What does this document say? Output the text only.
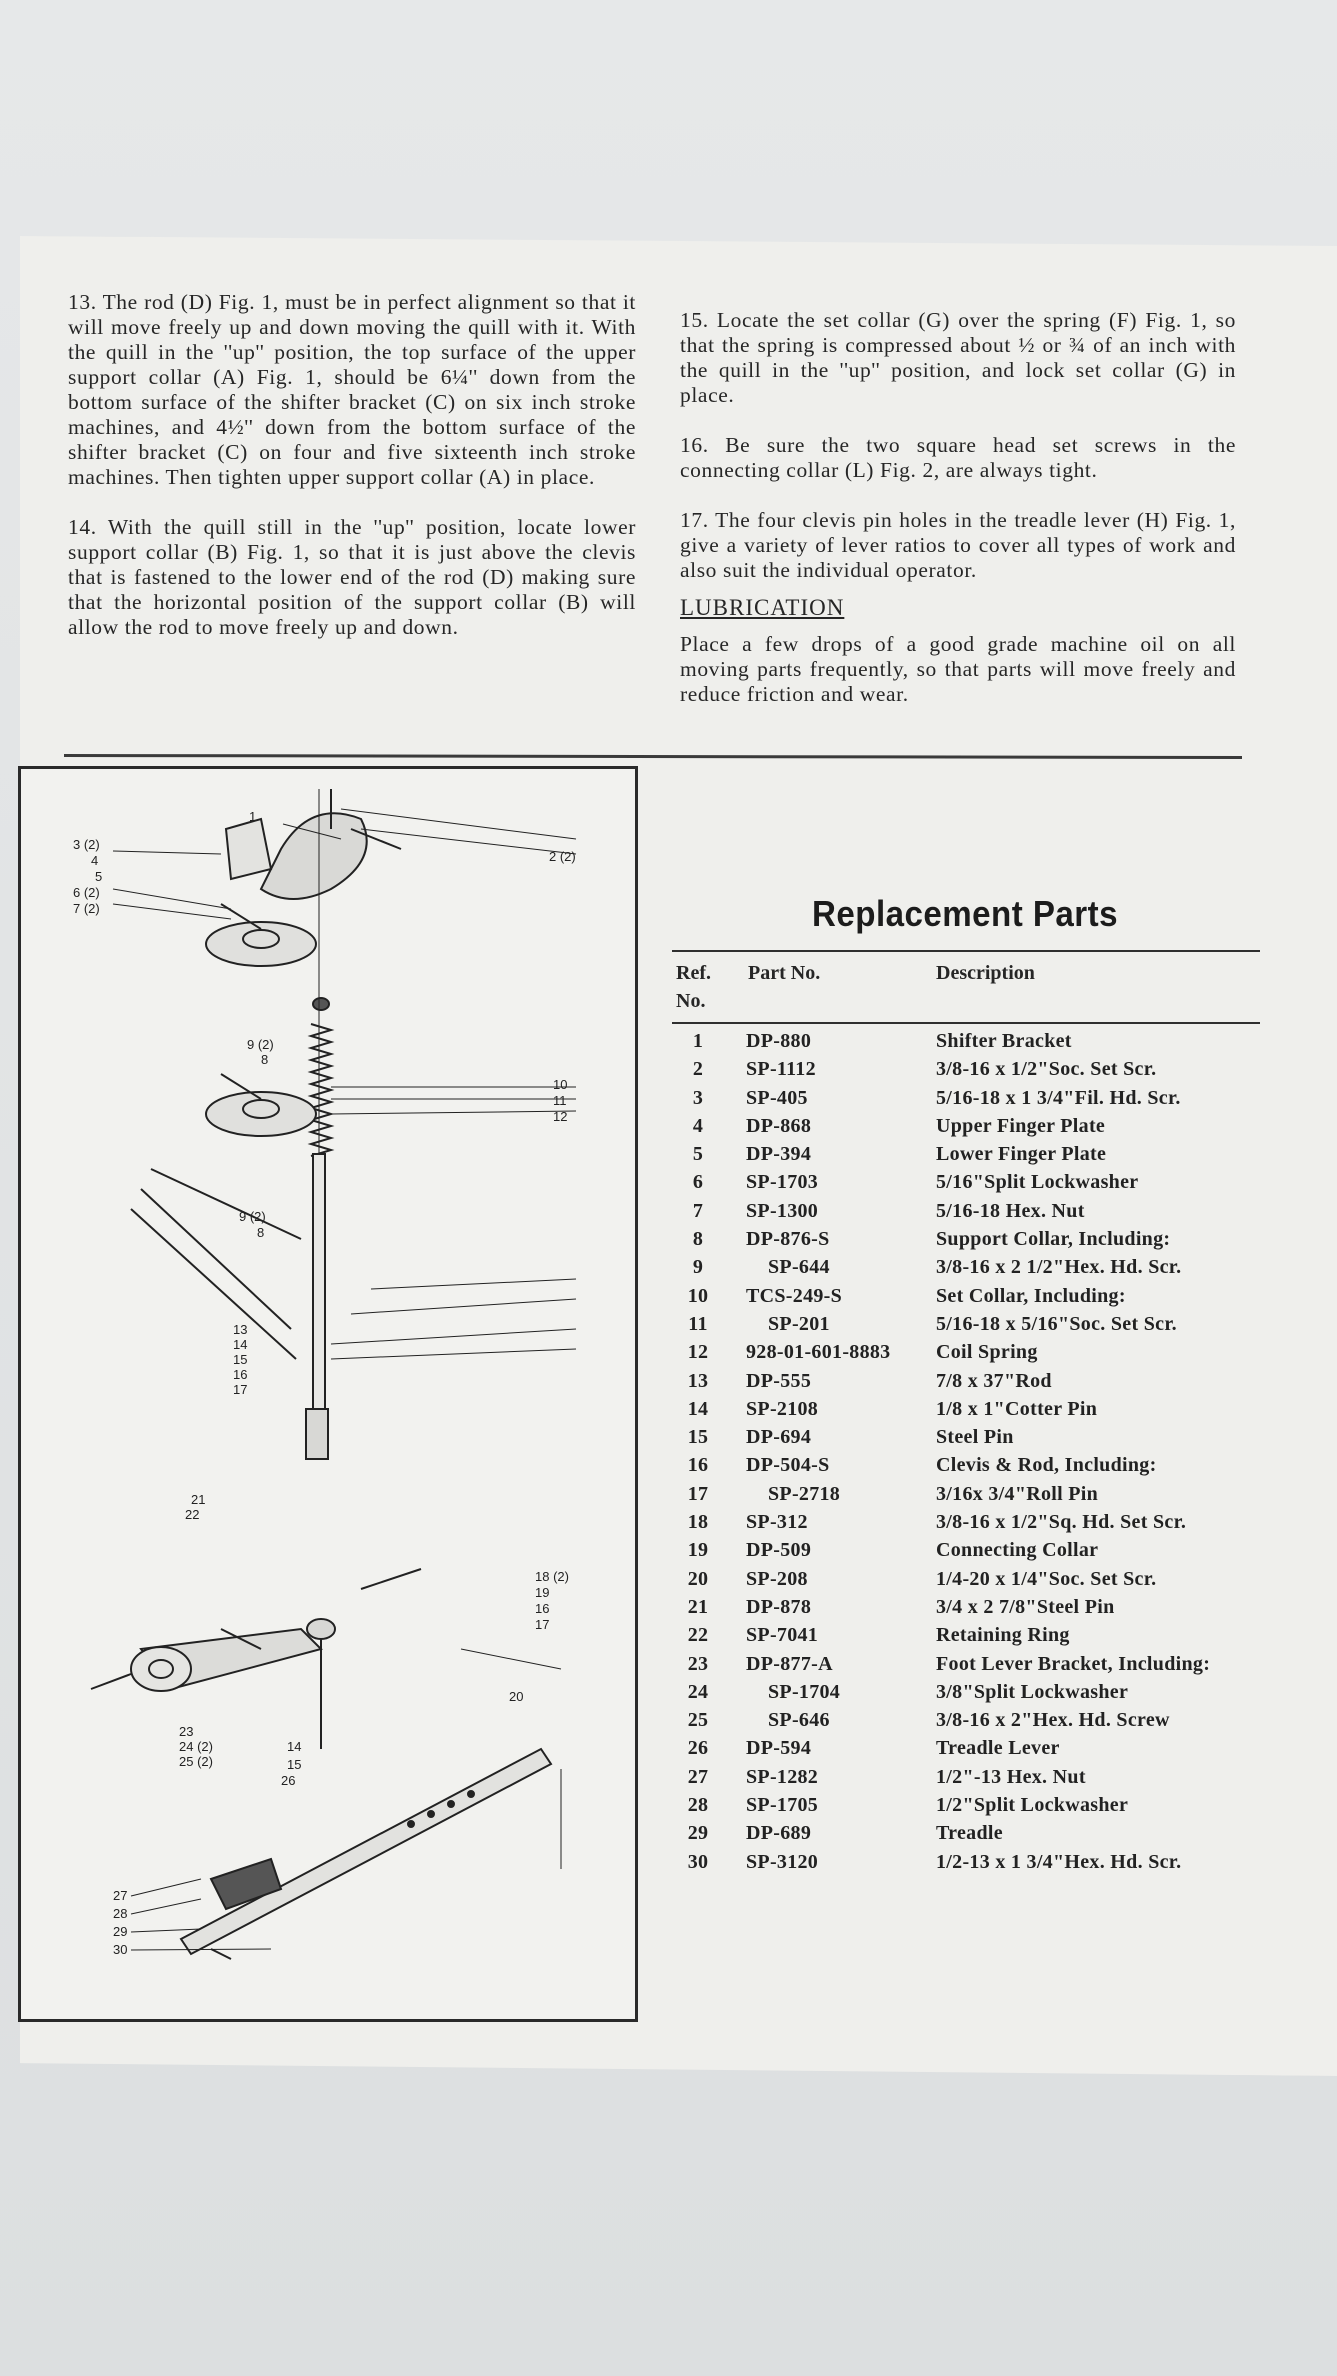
13. The rod (D) Fig. 1, must be in perfect alignment so that it will move freely up and down moving the quill with it. With the quill in the ''up'' position, the top surface of the upper support collar (A) Fig. 1, should be 6¼'' down from the bottom surface of the shifter bracket (C) on six inch stroke machines, and 4½'' down from the bottom surface of the shifter bracket (C) on four and five sixteenth inch stroke machines. Then tighten upper support collar (A) in place.

14. With the quill still in the ''up'' position, locate lower support collar (B) Fig. 1, so that it is just above the clevis that is fastened to the lower end of the rod (D) making sure that the horizontal position of the support collar (B) will allow the rod to move freely up and down.

15. Locate the set collar (G) over the spring (F) Fig. 1, so that the spring is compressed about ½ or ¾ of an inch with the quill in the ''up'' position, and lock set collar (G) in place.

16. Be sure the two square head set screws in the connecting collar (L) Fig. 2, are always tight.

17. The four clevis pin holes in the treadle lever (H) Fig. 1, give a variety of lever ratios to cover all types of work and also suit the individual operator.

LUBRICATION

Place a few drops of a good grade machine oil on all moving parts frequently, so that parts will move freely and reduce friction and wear.

3 (2)
4
5
6 (2)
7 (2)
1
2 (2)
9 (2)
8
10
11
12
9 (2)
8
13
14
15
16
17
21
22
18 (2)
19
16
17
20
23
24 (2)
25 (2)
14
15
26
27
28
29
30
Replacement Parts
Ref.
No.
Part No.	Description
1	DP-880	Shifter Bracket
2	SP-1112	3/8-16 x 1/2"Soc. Set Scr.
3	SP-405	5/16-18 x 1 3/4"Fil. Hd. Scr.
4	DP-868	Upper Finger Plate
5	DP-394	Lower Finger Plate
6	SP-1703	5/16"Split Lockwasher
7	SP-1300	5/16-18 Hex. Nut
8	DP-876-S	Support Collar, Including:
9	SP-644	3/8-16 x 2 1/2"Hex. Hd. Scr.
10	TCS-249-S	Set Collar, Including:
11	SP-201	5/16-18 x 5/16"Soc. Set Scr.
12	928-01-601-8883 Coil Spring
13	DP-555	7/8 x 37"Rod
14	SP-2108	1/8 x 1"Cotter Pin
15	DP-694	Steel Pin
16	DP-504-S	Clevis & Rod, Including:
17	SP-2718	3/16x 3/4"Roll Pin
18	SP-312	3/8-16 x 1/2"Sq. Hd. Set Scr.
19	DP-509	Connecting Collar
20	SP-208	1/4-20 x 1/4"Soc. Set Scr.
21	DP-878	3/4 x 2 7/8"Steel Pin
22	SP-7041	Retaining Ring
23	DP-877-A	Foot Lever Bracket, Including:
24	SP-1704	3/8"Split Lockwasher
25	SP-646	3/8-16 x 2"Hex. Hd. Screw
26	DP-594	Treadle Lever
27	SP-1282	1/2"-13 Hex. Nut
28	SP-1705	1/2"Split Lockwasher
29	DP-689	Treadle
30	SP-3120	1/2-13 x 1 3/4"Hex. Hd. Scr.
